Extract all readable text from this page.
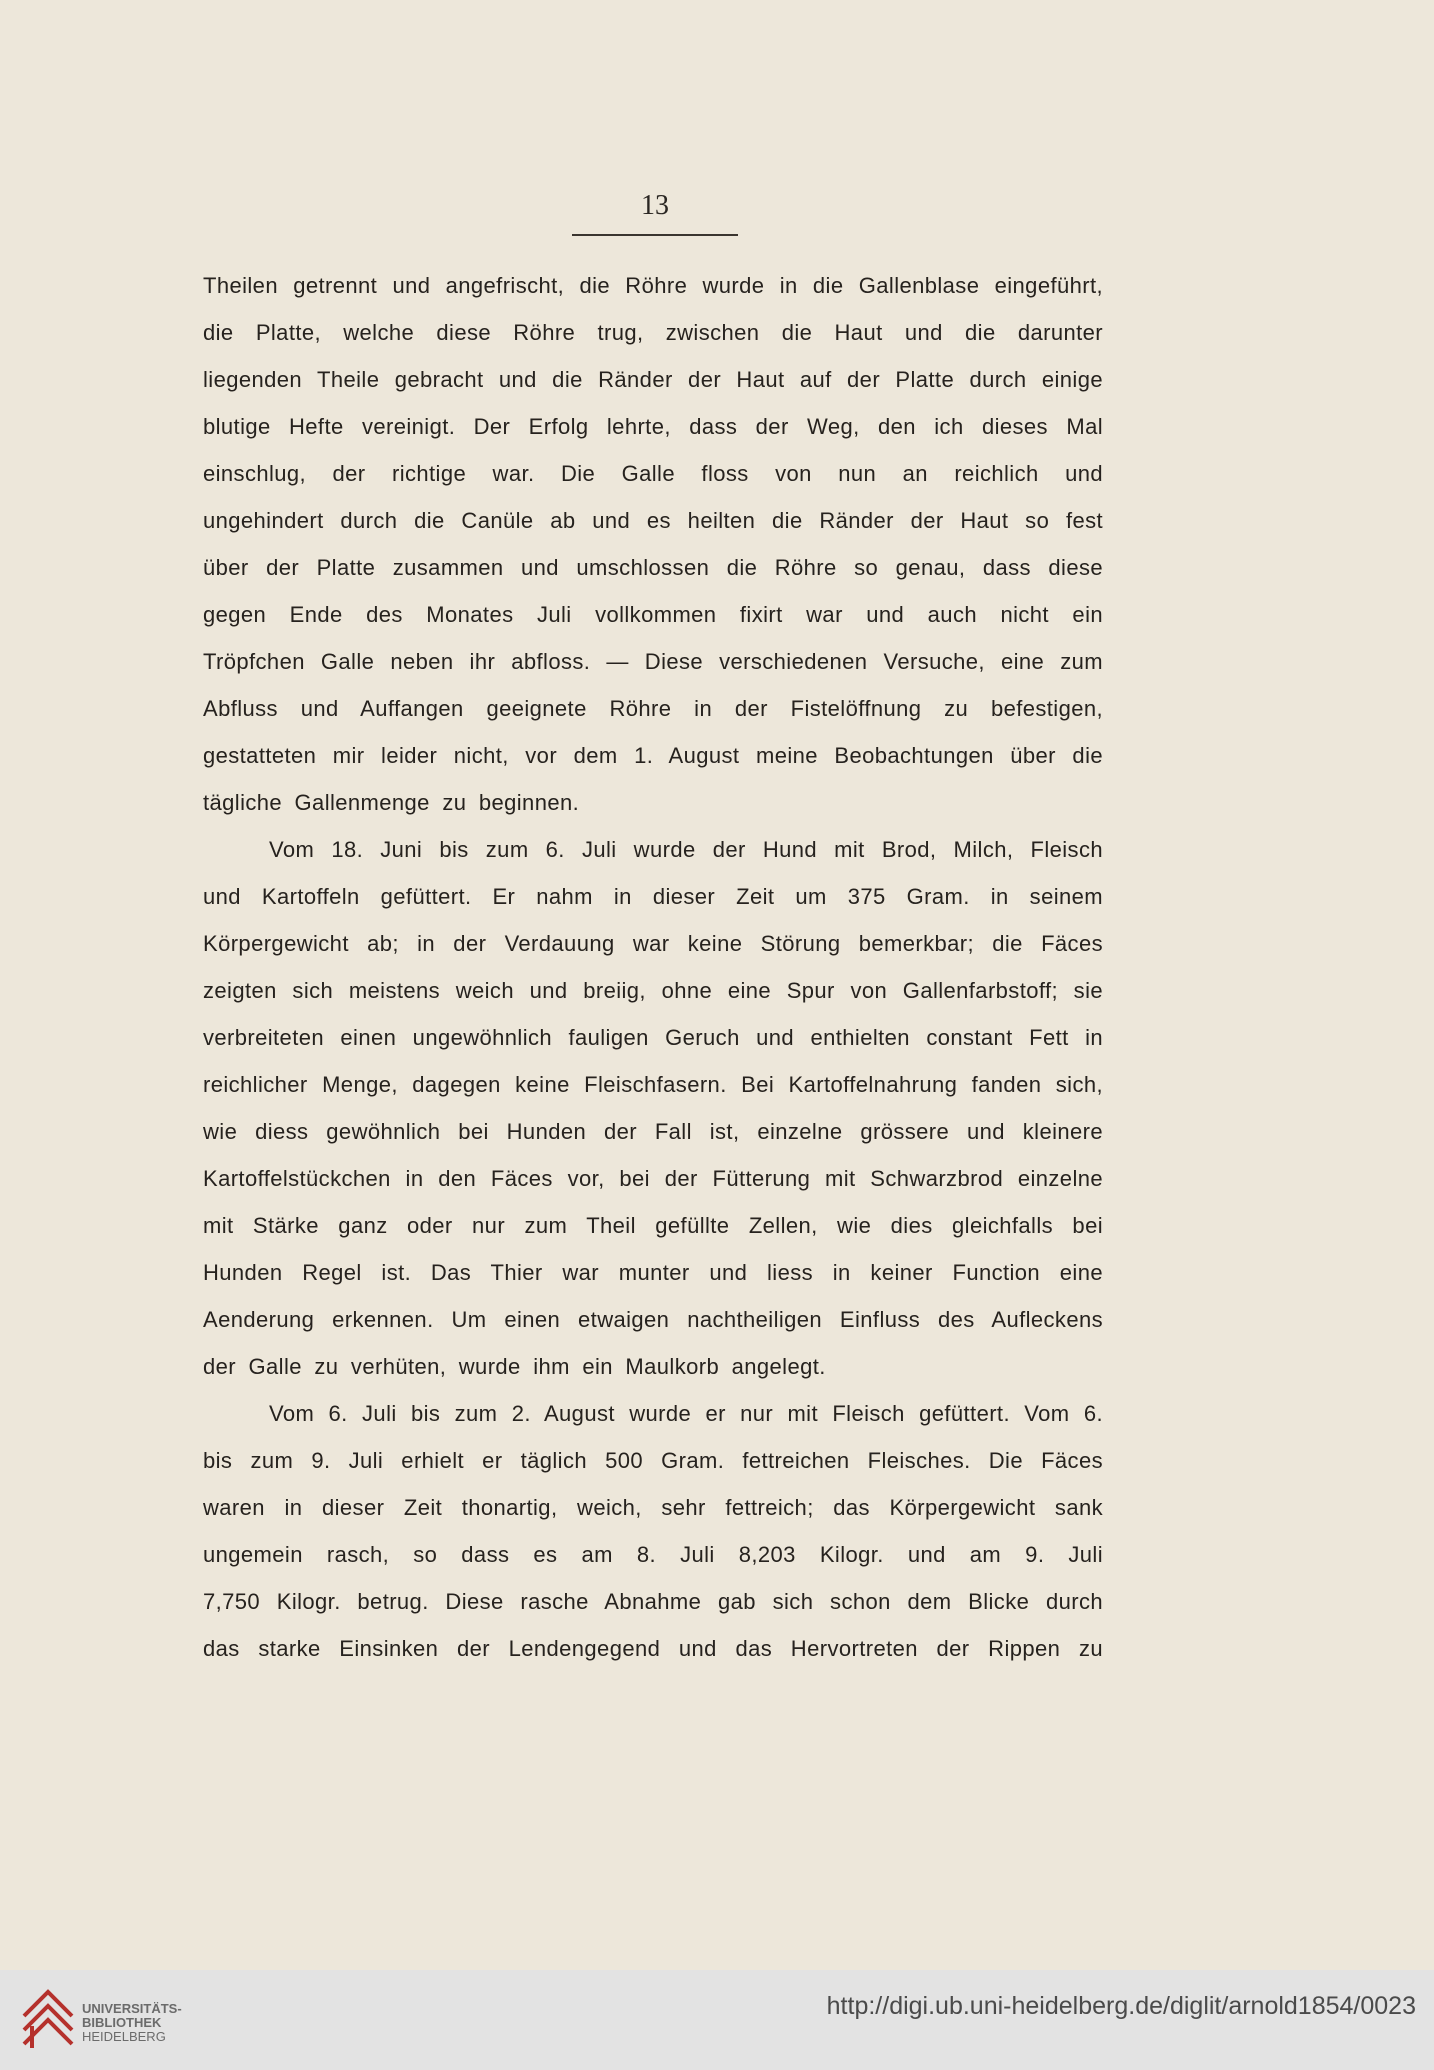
13
Theilen getrennt und angefrischt, die Röhre wurde in die Gallenblase eingeführt,
die Platte, welche diese Röhre trug, zwischen die Haut und die darunter
liegenden Theile gebracht und die Ränder der Haut auf der Platte durch einige
blutige Hefte vereinigt. Der Erfolg lehrte, dass der Weg, den ich dieses Mal
einschlug, der richtige war. Die Galle floss von nun an reichlich und
ungehindert durch die Canüle ab und es heilten die Ränder der Haut so fest
über der Platte zusammen und umschlossen die Röhre so genau, dass diese
gegen Ende des Monates Juli vollkommen fixirt war und auch nicht ein
Tröpfchen Galle neben ihr abfloss. — Diese verschiedenen Versuche, eine zum
Abfluss und Auffangen geeignete Röhre in der Fistelöffnung zu befestigen,
gestatteten mir leider nicht, vor dem 1. August meine Beobachtungen über die
tägliche Gallenmenge zu beginnen.
Vom 18. Juni bis zum 6. Juli wurde der Hund mit Brod, Milch, Fleisch
und Kartoffeln gefüttert. Er nahm in dieser Zeit um 375 Gram. in seinem
Körpergewicht ab; in der Verdauung war keine Störung bemerkbar; die Fäces
zeigten sich meistens weich und breiig, ohne eine Spur von Gallenfarbstoff; sie
verbreiteten einen ungewöhnlich fauligen Geruch und enthielten constant Fett in
reichlicher Menge, dagegen keine Fleischfasern. Bei Kartoffelnahrung fanden sich,
wie diess gewöhnlich bei Hunden der Fall ist, einzelne grössere und kleinere
Kartoffelstückchen in den Fäces vor, bei der Fütterung mit Schwarzbrod einzelne
mit Stärke ganz oder nur zum Theil gefüllte Zellen, wie dies gleichfalls bei
Hunden Regel ist. Das Thier war munter und liess in keiner Function eine
Aenderung erkennen. Um einen etwaigen nachtheiligen Einfluss des Aufleckens
der Galle zu verhüten, wurde ihm ein Maulkorb angelegt.
Vom 6. Juli bis zum 2. August wurde er nur mit Fleisch gefüttert. Vom 6.
bis zum 9. Juli erhielt er täglich 500 Gram. fettreichen Fleisches. Die Fäces
waren in dieser Zeit thonartig, weich, sehr fettreich; das Körpergewicht sank
ungemein rasch, so dass es am 8. Juli 8,203 Kilogr. und am 9. Juli
7,750 Kilogr. betrug. Diese rasche Abnahme gab sich schon dem Blicke durch
das starke Einsinken der Lendengegend und das Hervortreten der Rippen zu
UNIVERSITÄTS-
BIBLIOTHEK
HEIDELBERG
http://digi.ub.uni-heidelberg.de/diglit/arnold1854/0023
